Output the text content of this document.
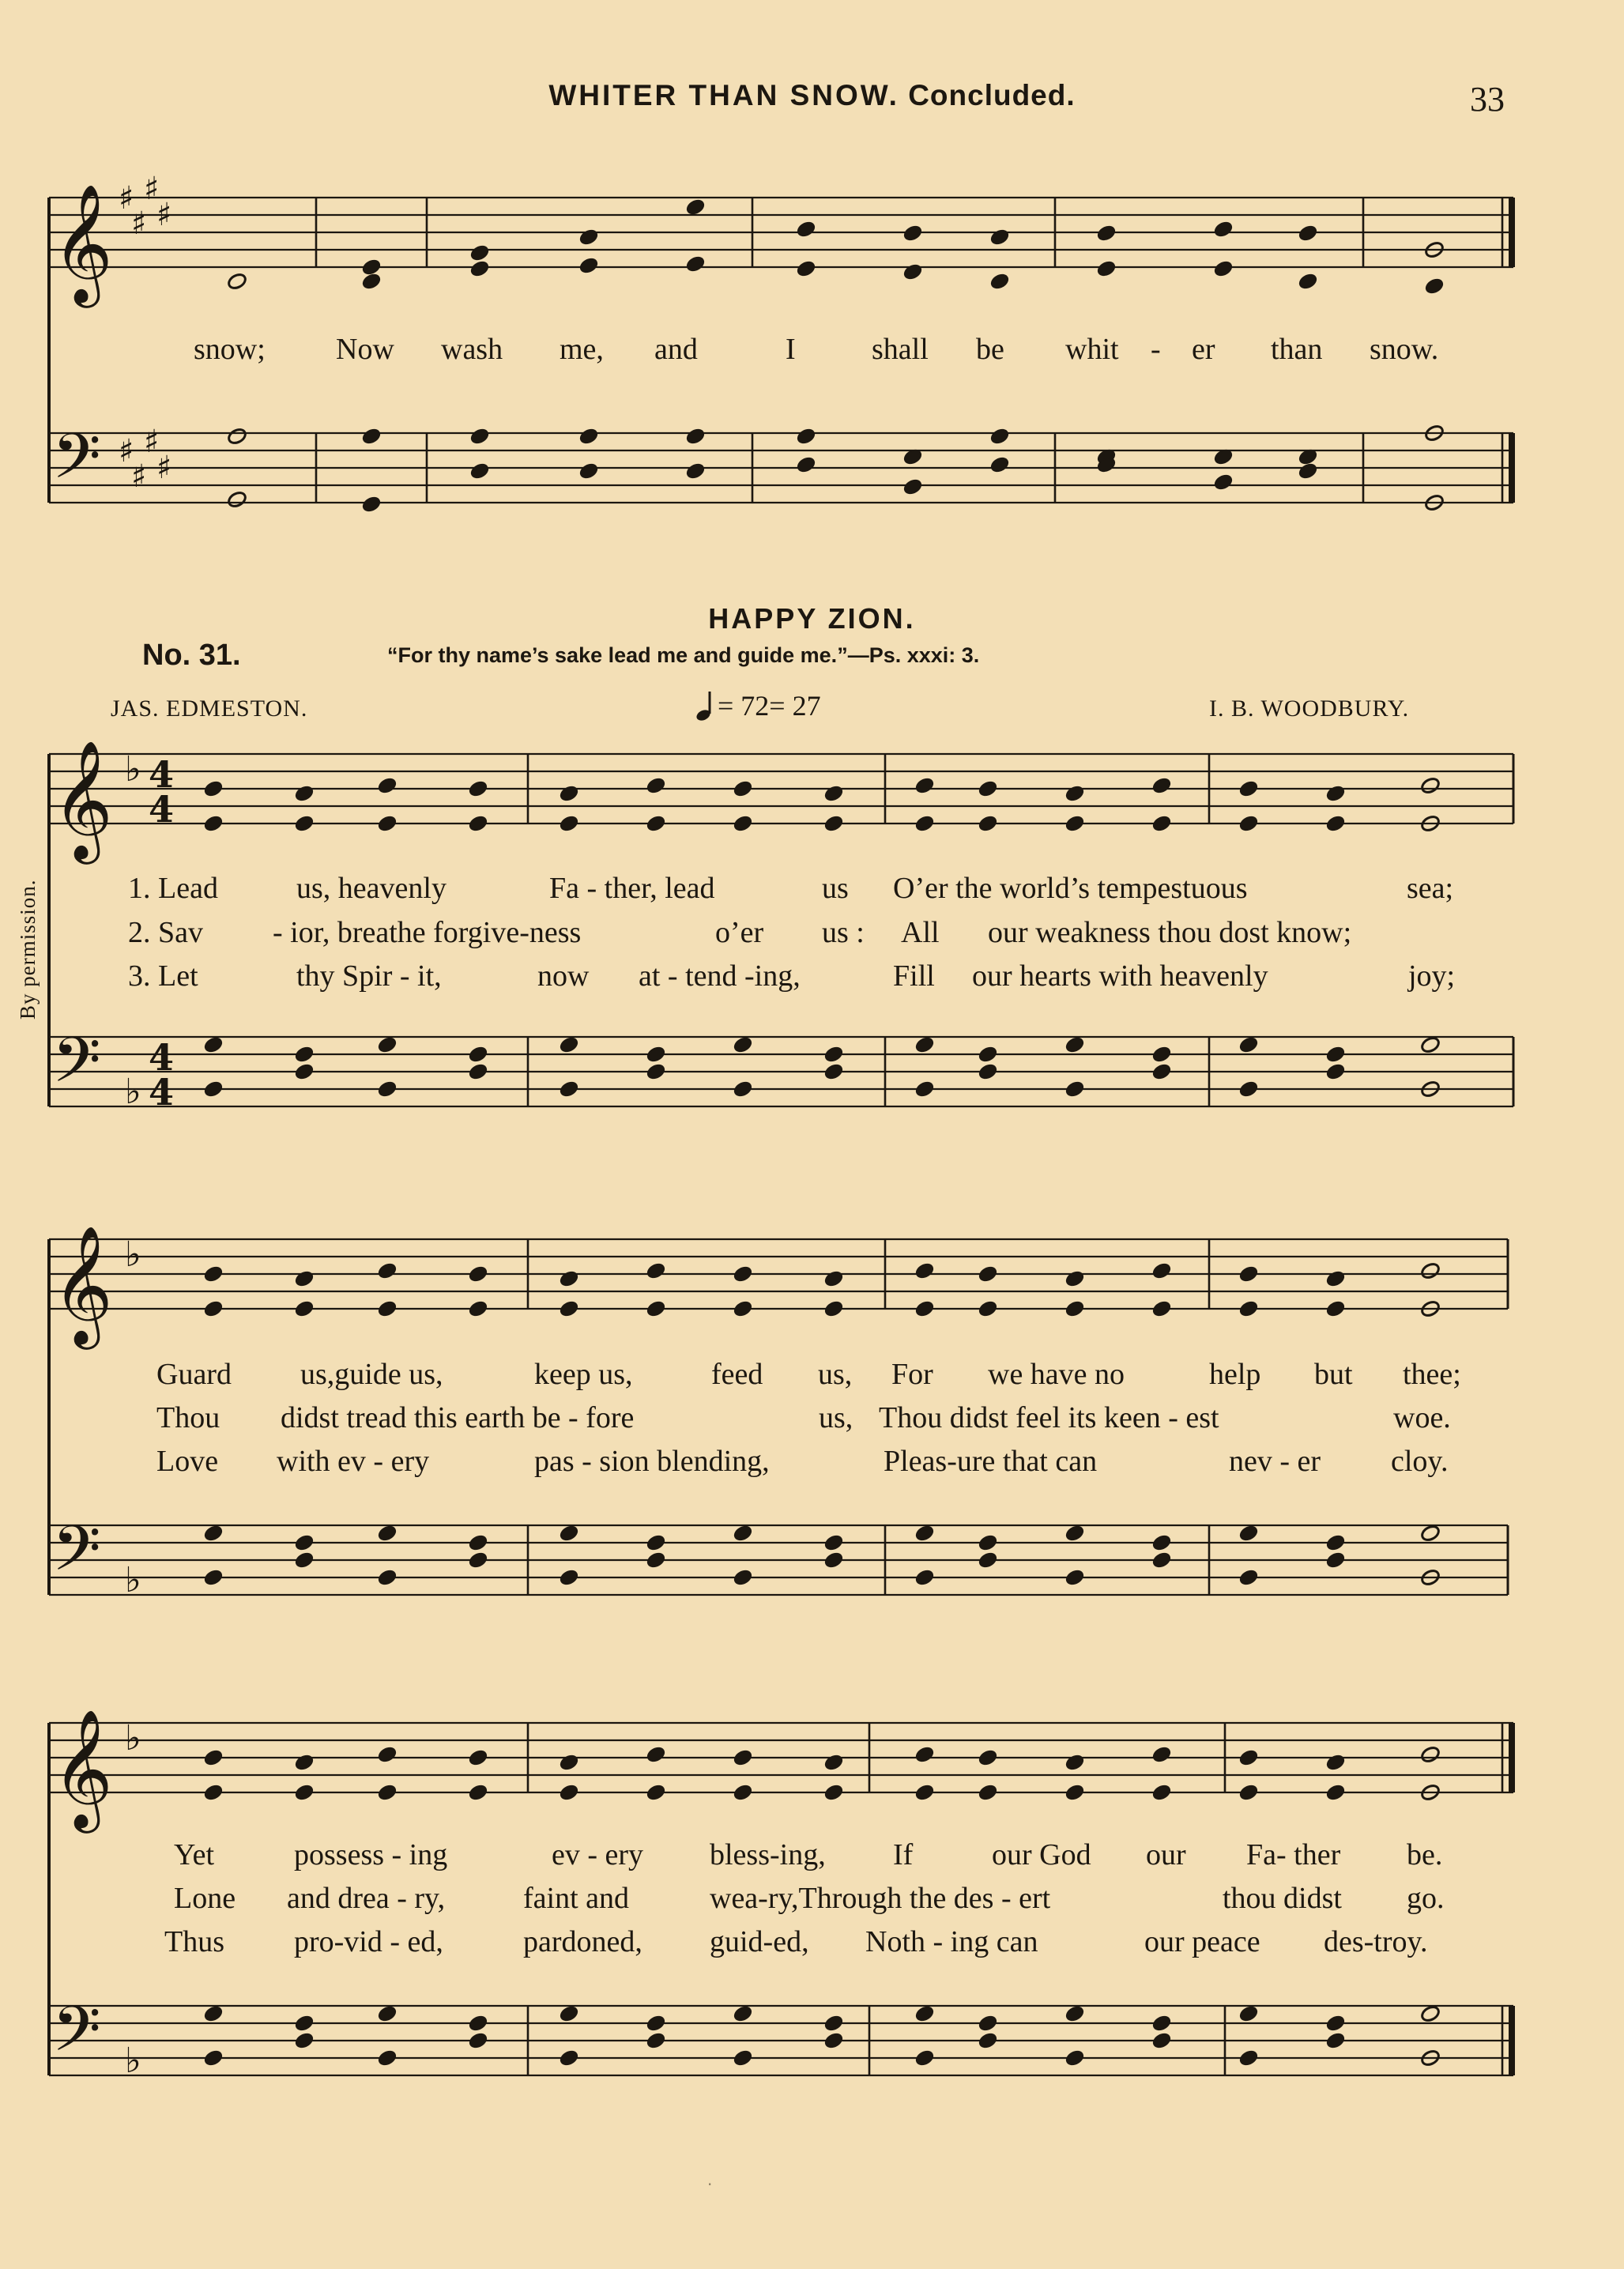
WHITER THAN SNOW. Concluded.	33
HAPPY ZION.
No. 31.	“For thy name’s sake lead me and guide me.”—Ps. xxxi: 3.
JAS. EDMESTON.	= 72= 27	I. B. WOODBURY.
By permission.
𝄞
𝄢
♯
♯
♯
♯
♯
♯
♯
♯
𝄞
𝄢
♭
♭
4
4
4
4
𝄞
𝄢
♭
♭
𝄞
𝄢
♭
♭
snow; Now wash me, and	I	shall be whit - er than snow.
1. Lead	us, heavenly	Fa - ther, lead	us O’er the world’s tempestuous	sea;
2. Sav - ior, breathe forgive-ness	o’er us : All our weakness thou dost know;
3. Let	thy Spir - it,	now at - tend -ing,	Fill our hearts with heavenly	joy;
Guard us,guide us,	keep us,	feed us, For we have no	help but thee;
Thou didst tread this earth be - fore	us, Thou didst feel its keen - est	woe.
Love with ev - ery	pas - sion blending,	Pleas-ure that can	nev - er cloy.
Yet	possess - ing	ev - ery bless-ing, If	our God our Fa- ther be.
Lone and drea - ry,	faint and	wea-ry,Through the des - ert	thou didst go.
Thus pro-vid - ed,	pardoned, guid-ed, Noth - ing can	our peace des-troy.
·
